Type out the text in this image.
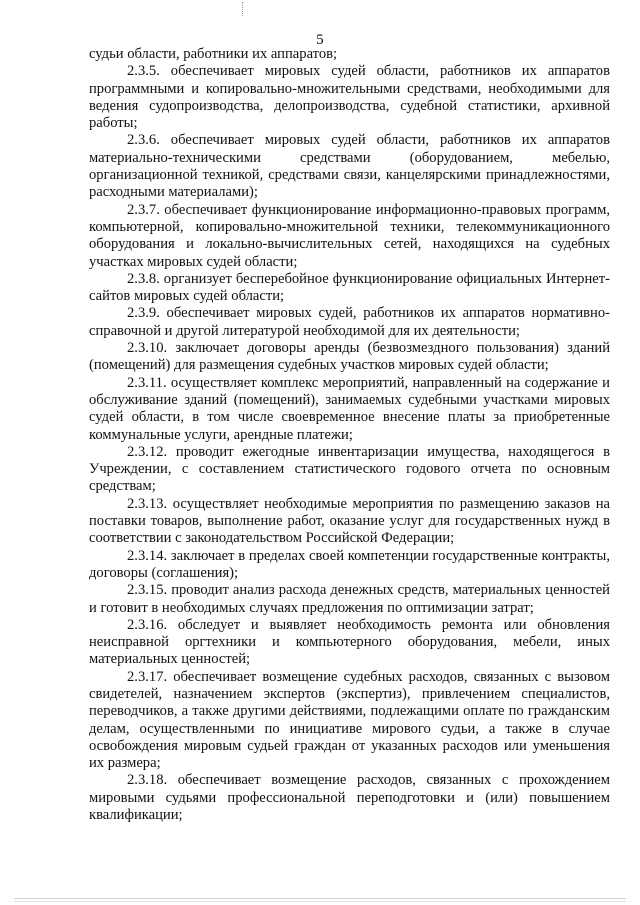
5

судьи области, работники их аппаратов;

2.3.5. обеспечивает мировых судей области, работников их аппаратов программными и копировально-множительными средствами, необходимыми для ведения судопроизводства, делопроизводства, судебной статистики, архивной работы;

2.3.6. обеспечивает мировых судей области, работников их аппаратов материально-техническими средствами (оборудованием, мебелью, организационной техникой, средствами связи, канцелярскими принадлежностями, расходными материалами);

2.3.7. обеспечивает функционирование информационно-правовых программ, компьютерной, копировально-множительной техники, телекоммуникационного оборудования и локально-вычислительных сетей, находящихся на судебных участках мировых судей области;

2.3.8. организует бесперебойное функционирование официальных Интернет-сайтов мировых судей области;

2.3.9. обеспечивает мировых судей, работников их аппаратов нормативно-справочной и другой литературой необходимой для их деятельности;

2.3.10. заключает договоры аренды (безвозмездного пользования) зданий (помещений) для размещения судебных участков мировых судей области;

2.3.11. осуществляет комплекс мероприятий, направленный на содержание и обслуживание зданий (помещений), занимаемых судебными участками мировых судей области, в том числе своевременное внесение платы за приобретенные коммунальные услуги, арендные платежи;

2.3.12. проводит ежегодные инвентаризации имущества, находящегося в Учреждении, с составлением статистического годового отчета по основным средствам;

2.3.13. осуществляет необходимые мероприятия по размещению заказов на поставки товаров, выполнение работ, оказание услуг для государственных нужд в соответствии с законодательством Российской Федерации;

2.3.14. заключает в пределах своей компетенции государственные контракты, договоры (соглашения);

2.3.15. проводит анализ расхода денежных средств, материальных ценностей и готовит в необходимых случаях предложения по оптимизации затрат;

2.3.16. обследует и выявляет необходимость ремонта или обновления неисправной оргтехники и компьютерного оборудования, мебели, иных материальных ценностей;

2.3.17. обеспечивает возмещение судебных расходов, связанных с вызовом свидетелей, назначением экспертов (экспертиз), привлечением специалистов, переводчиков, а также другими действиями, подлежащими оплате по гражданским делам, осуществленными по инициативе мирового судьи, а также в случае освобождения мировым судьей граждан от указанных расходов или уменьшения их размера;

2.3.18. обеспечивает возмещение расходов, связанных с прохождением мировыми судьями профессиональной переподготовки и (или) повышением квалификации;
